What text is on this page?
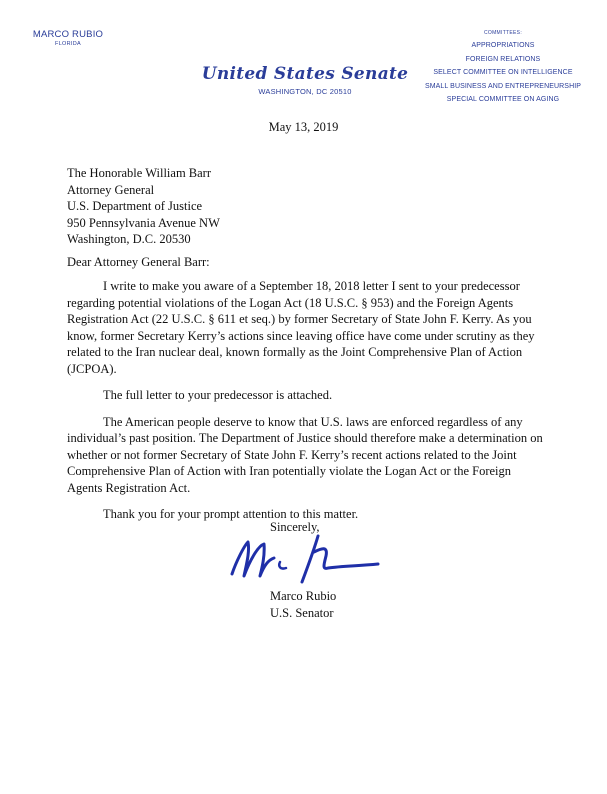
MARCO RUBIO
FLORIDA
United States Senate
WASHINGTON, DC 20510
COMMITTEES:
APPROPRIATIONS
FOREIGN RELATIONS
SELECT COMMITTEE ON INTELLIGENCE
SMALL BUSINESS AND ENTREPRENEURSHIP
SPECIAL COMMITTEE ON AGING
May 13, 2019
The Honorable William Barr
Attorney General
U.S. Department of Justice
950 Pennsylvania Avenue NW
Washington, D.C. 20530
Dear Attorney General Barr:

I write to make you aware of a September 18, 2018 letter I sent to your predecessor regarding potential violations of the Logan Act (18 U.S.C. § 953) and the Foreign Agents Registration Act (22 U.S.C. § 611 et seq.) by former Secretary of State John F. Kerry. As you know, former Secretary Kerry’s actions since leaving office have come under scrutiny as they related to the Iran nuclear deal, known formally as the Joint Comprehensive Plan of Action (JCPOA).

The full letter to your predecessor is attached.

The American people deserve to know that U.S. laws are enforced regardless of any individual’s past position. The Department of Justice should therefore make a determination on whether or not former Secretary of State John F. Kerry’s recent actions related to the Joint Comprehensive Plan of Action with Iran potentially violate the Logan Act or the Foreign Agents Registration Act.

Thank you for your prompt attention to this matter.

Sincerely,
Marco Rubio
U.S. Senator
